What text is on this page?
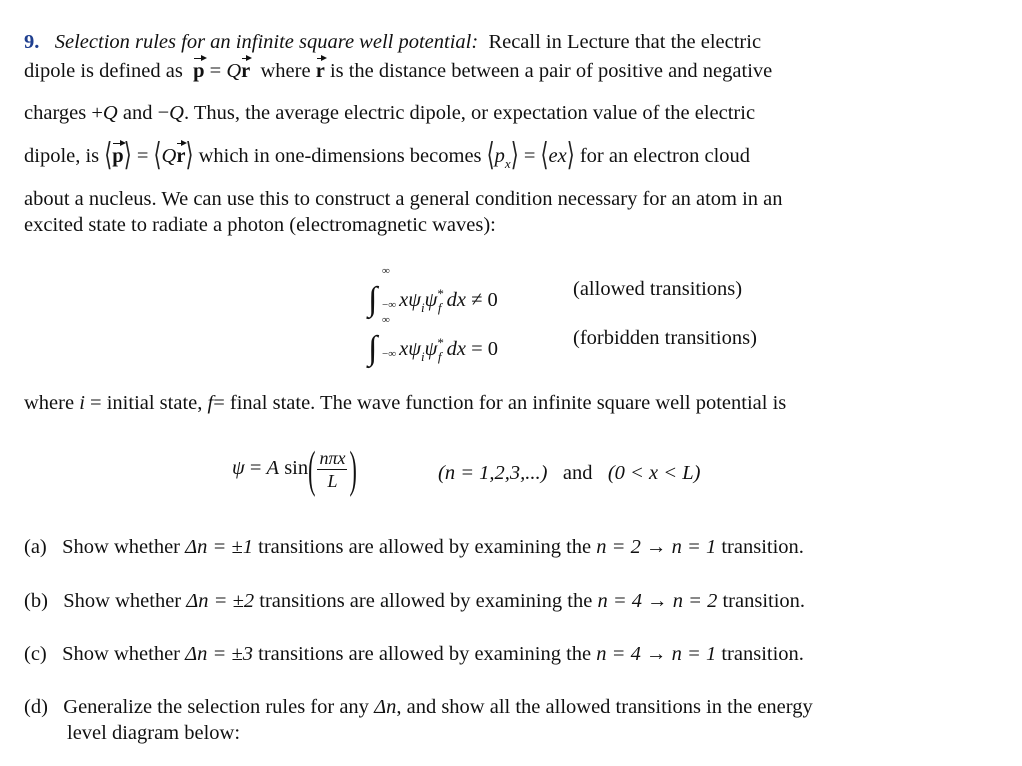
9. Selection rules for an infinite square well potential: Recall in Lecture that the electric
dipole is defined as p = Qr where r is the distance between a pair of positive and negative
charges +Q and −Q. Thus, the average electric dipole, or expectation value of the electric
dipole, is ⟨p⟩ = ⟨Qr⟩ which in one-dimensions becomes $⟨p_x⟩$ = ⟨ex⟩ for an electron cloud
about a nucleus. We can use this to construct a general condition necessary for an atom in an
excited state to radiate a photon (electromagnetic waves):
∫
∞
−∞ $x\psi_i\psi^*_f$ dx ≠ 0	(allowed transitions)
∫
∞
−∞ $x\psi_i\psi^*_f$ dx = 0	(forbidden transitions)
where i = initial state, f= final state. The wave function for an infinite square well potential is
ψ = A $\sin( \frac{\text{nπx}}{L}$ )	(n = 1,2,3,...) and (0 < x < L)
(a) Show whether Δn = ±1 transitions are allowed by examining the n = 2 → n = 1 transition.
(b) Show whether Δn = ±2 transitions are allowed by examining the n = 4 → n = 2 transition.
(c) Show whether Δn = ±3 transitions are allowed by examining the n = 4 → n = 1 transition.
(d) Generalize the selection rules for any Δn, and show all the allowed transitions in the energy
level diagram below:
